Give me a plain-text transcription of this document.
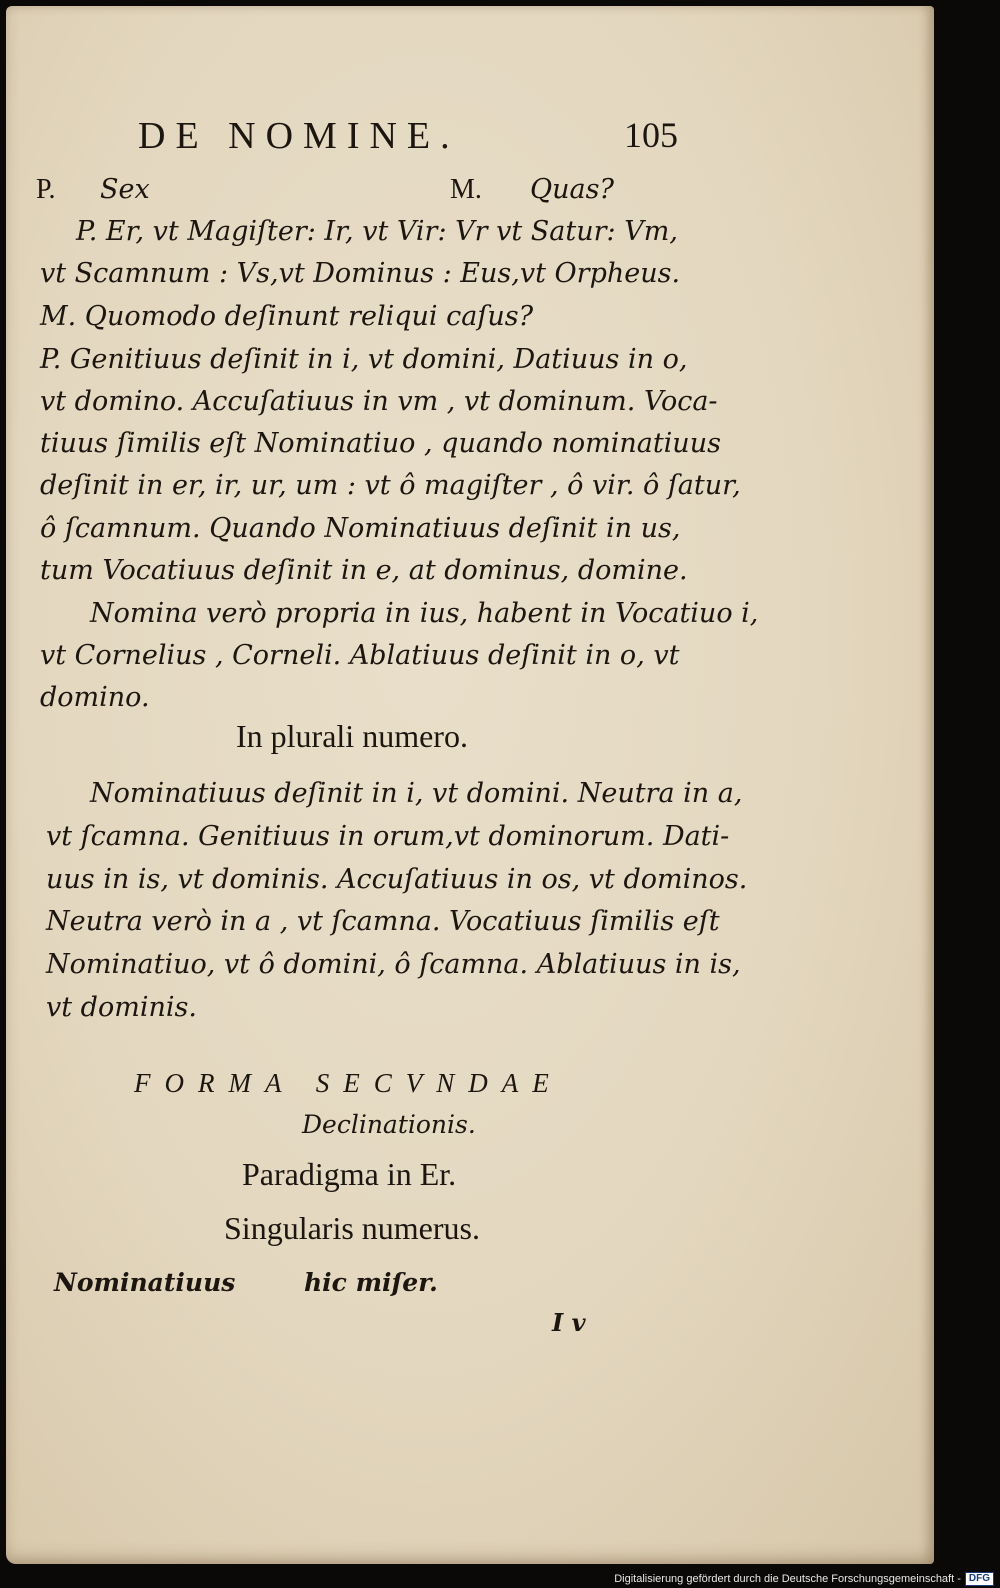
DE NOMINE.	105
P. Sex	M. Quas?
P. Er, vt Magiſter: Ir, vt Vir: Vr vt Satur: Vm,
vt Scamnum : Vs,vt Dominus : Eus,vt Orpheus.
M. Quomodo deſinunt reliqui caſus?
P. Genitiuus deſinit in i, vt domini, Datiuus in o,
vt domino. Accuſatiuus in vm , vt dominum. Voca-
tiuus ſimilis eſt Nominatiuo , quando nominatiuus
deſinit in er, ir, ur, um : vt ô magiſter , ô vir. ô ſatur,
ô ſcamnum. Quando Nominatiuus deſinit in us,
tum Vocatiuus deſinit in e, at dominus, domine.
Nomina verò propria in ius, habent in Vocatiuo i,
vt Cornelius , Corneli. Ablatiuus deſinit in o, vt
domino.
In plurali numero.
Nominatiuus deſinit in i, vt domini. Neutra in a,
vt ſcamna. Genitiuus in orum,vt dominorum. Dati-
uus in is, vt dominis. Accuſatiuus in os, vt dominos.
Neutra verò in a , vt ſcamna. Vocatiuus ſimilis eſt
Nominatiuo, vt ô domini, ô ſcamna. Ablatiuus in is,
vt dominis.
FORMA SECVNDAE
Declinationis.
Paradigma in Er.
Singularis numerus.
Nominatiuus	hic miſer.
I v
Digitalisierung gefördert durch die Deutsche Forschungsgemeinschaft - DFG
